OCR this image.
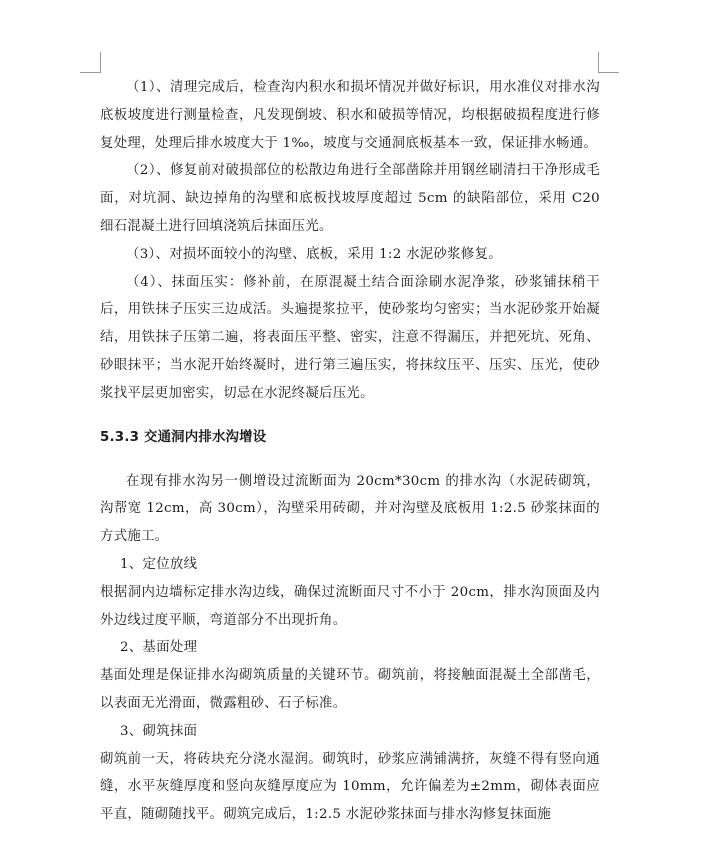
（1）、清理完成后，检查沟内积水和损坏情况并做好标识，用水准仪对排水沟底板坡度进行测量检查，凡发现倒坡、积水和破损等情况，均根据破损程度进行修复处理，处理后排水坡度大于 1‰，坡度与交通洞底板基本一致，保证排水畅通。

（2）、修复前对破损部位的松散边角进行全部凿除并用钢丝刷清扫干净形成毛面，对坑洞、缺边掉角的沟壁和底板找坡厚度超过 5cm 的缺陷部位，采用 C20 细石混凝土进行回填浇筑后抹面压光。

（3）、对损坏面较小的沟壁、底板，采用 1:2 水泥砂浆修复。

（4）、抹面压实：修补前，在原混凝土结合面涂刷水泥净浆，砂浆铺抹稍干后，用铁抹子压实三边成活。头遍提浆拉平，使砂浆均匀密实；当水泥砂浆开始凝结，用铁抹子压第二遍，将表面压平整、密实，注意不得漏压，并把死坑、死角、砂眼抹平；当水泥开始终凝时，进行第三遍压实，将抹纹压平、压实、压光，使砂浆找平层更加密实，切忌在水泥终凝后压光。

5.3.3 交通洞内排水沟增设

在现有排水沟另一侧增设过流断面为 20cm*30cm 的排水沟（水泥砖砌筑，沟帮宽 12cm，高 30cm），沟壁采用砖砌，并对沟壁及底板用 1:2.5 砂浆抹面的方式施工。

1、定位放线

根据洞内边墙标定排水沟边线，确保过流断面尺寸不小于 20cm，排水沟顶面及内外边线过度平顺，弯道部分不出现折角。

2、基面处理

基面处理是保证排水沟砌筑质量的关键环节。砌筑前，将接触面混凝土全部凿毛，以表面无光滑面，微露粗砂、石子标准。

3、砌筑抹面

砌筑前一天，将砖块充分浇水湿润。砌筑时，砂浆应满铺满挤，灰缝不得有竖向通缝，水平灰缝厚度和竖向灰缝厚度应为 10mm，允许偏差为±2mm，砌体表面应平直，随砌随找平。砌筑完成后，1:2.5 水泥砂浆抹面与排水沟修复抹面施
